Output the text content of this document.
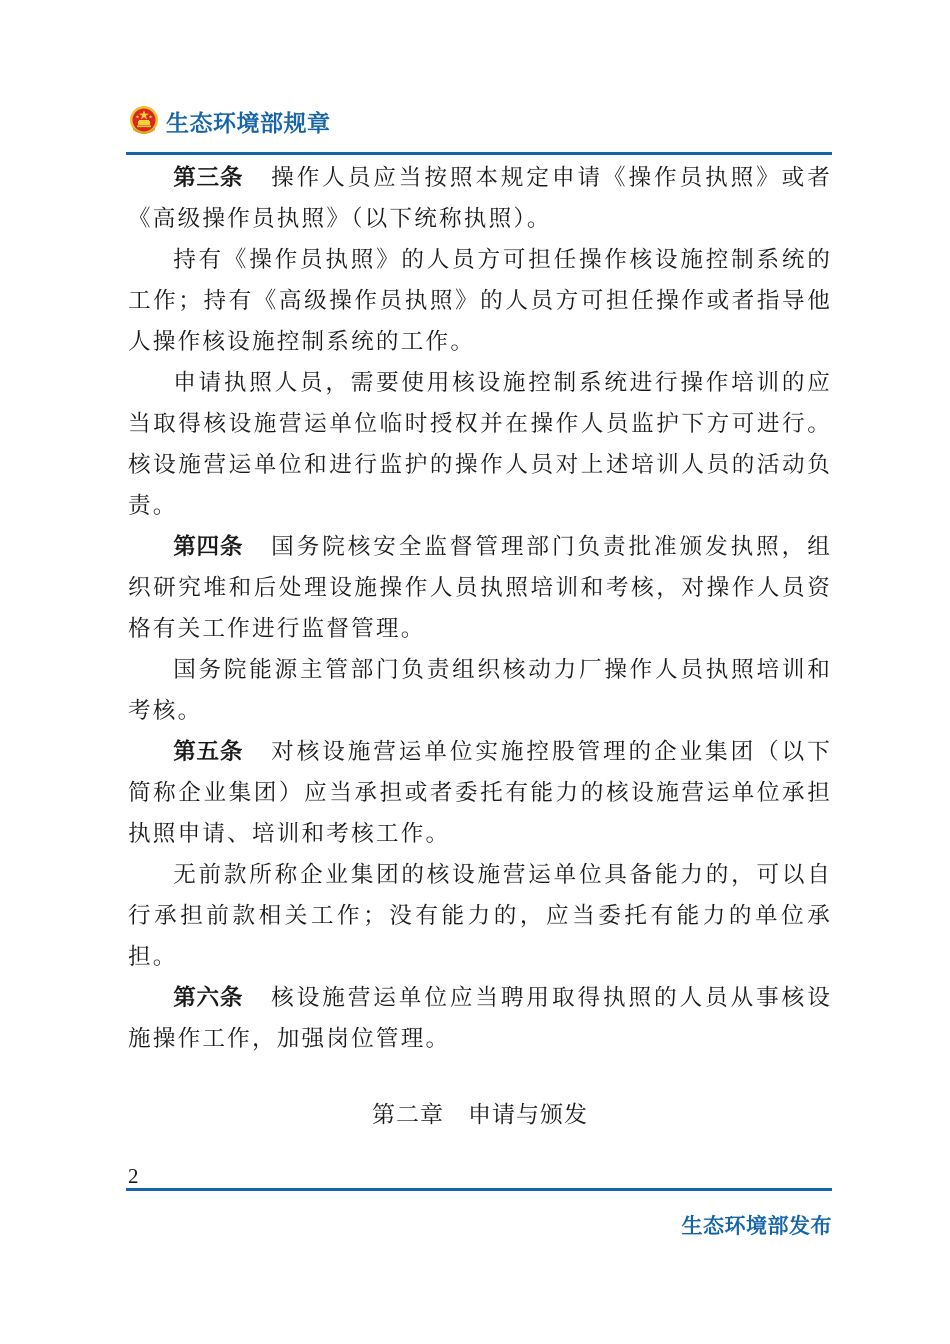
生态环境部规章

第三条 操作人员应当按照本规定申请《操作员执照》或者《高级操作员执照》（以下统称执照）。

持有《操作员执照》的人员方可担任操作核设施控制系统的工作；持有《高级操作员执照》的人员方可担任操作或者指导他人操作核设施控制系统的工作。

申请执照人员，需要使用核设施控制系统进行操作培训的应当取得核设施营运单位临时授权并在操作人员监护下方可进行。核设施营运单位和进行监护的操作人员对上述培训人员的活动负责。

第四条 国务院核安全监督管理部门负责批准颁发执照，组织研究堆和后处理设施操作人员执照培训和考核，对操作人员资格有关工作进行监督管理。

国务院能源主管部门负责组织核动力厂操作人员执照培训和考核。

第五条 对核设施营运单位实施控股管理的企业集团（以下简称企业集团）应当承担或者委托有能力的核设施营运单位承担执照申请、培训和考核工作。

无前款所称企业集团的核设施营运单位具备能力的，可以自行承担前款相关工作；没有能力的，应当委托有能力的单位承担。

第六条 核设施营运单位应当聘用取得执照的人员从事核设施操作工作，加强岗位管理。

第二章 申请与颁发
2
生态环境部发布
